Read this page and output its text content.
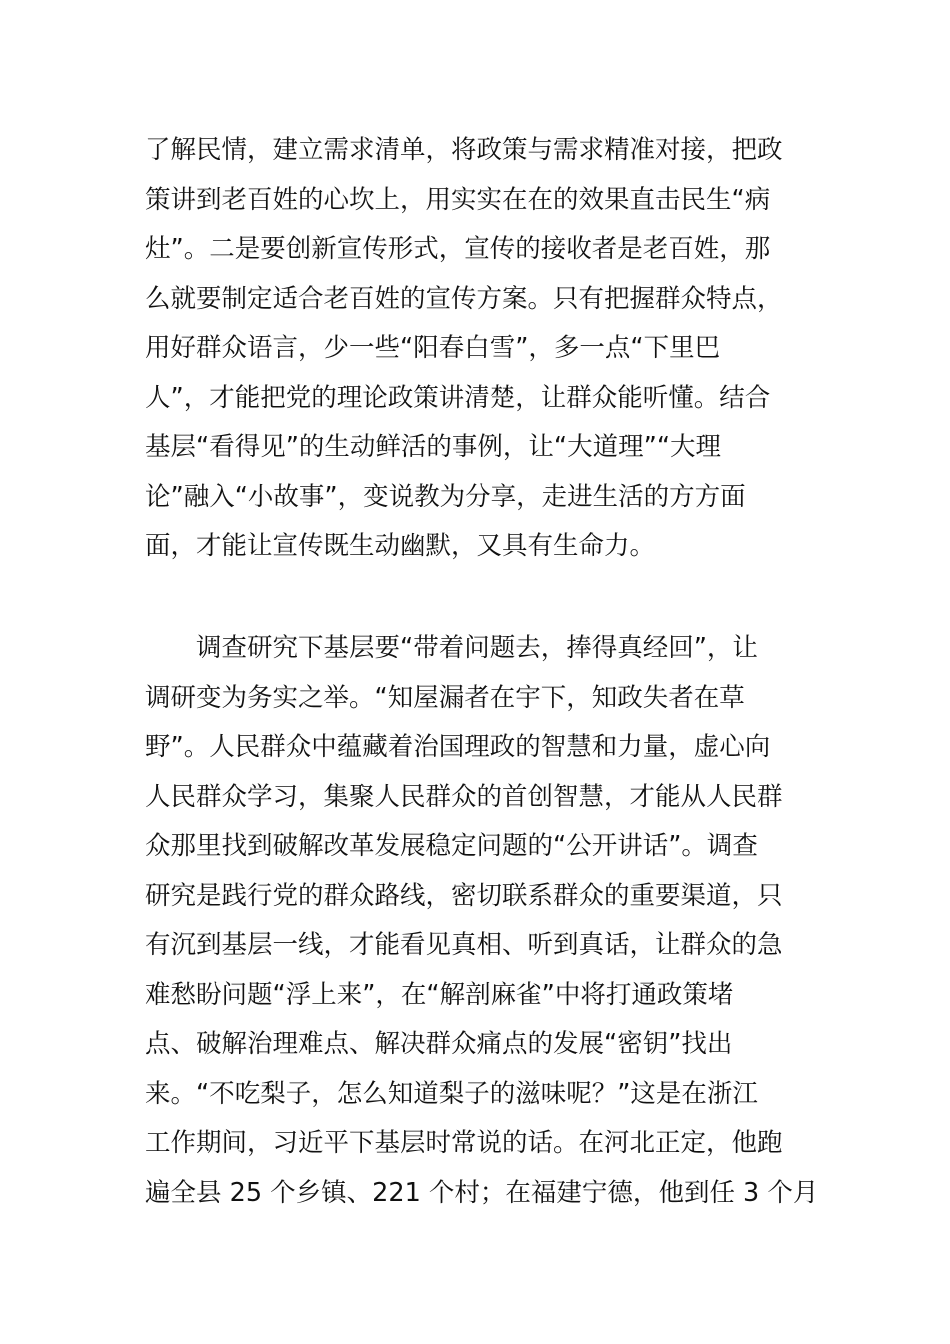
了解民情，建立需求清单，将政策与需求精准对接，把政
策讲到老百姓的心坎上，用实实在在的效果直击民生“病
灶”。二是要创新宣传形式，宣传的接收者是老百姓，那
么就要制定适合老百姓的宣传方案。只有把握群众特点，
用好群众语言，少一些“阳春白雪”，多一点“下里巴
人”，才能把党的理论政策讲清楚，让群众能听懂。结合
基层“看得见”的生动鲜活的事例，让“大道理”“大理
论”融入“小故事”，变说教为分享，走进生活的方方面
面，才能让宣传既生动幽默，又具有生命力。
　　调查研究下基层要“带着问题去，捧得真经回”，让
调研变为务实之举。“知屋漏者在宇下，知政失者在草
野”。人民群众中蕴藏着治国理政的智慧和力量，虚心向
人民群众学习，集聚人民群众的首创智慧，才能从人民群
众那里找到破解改革发展稳定问题的“公开讲话”。调查
研究是践行党的群众路线，密切联系群众的重要渠道，只
有沉到基层一线，才能看见真相、听到真话，让群众的急
难愁盼问题“浮上来”，在“解剖麻雀”中将打通政策堵
点、破解治理难点、解决群众痛点的发展“密钥”找出
来。“不吃梨子，怎么知道梨子的滋味呢？”这是在浙江
工作期间，习近平下基层时常说的话。在河北正定，他跑
遍全县 25 个乡镇、221 个村；在福建宁德，他到任 3 个月
